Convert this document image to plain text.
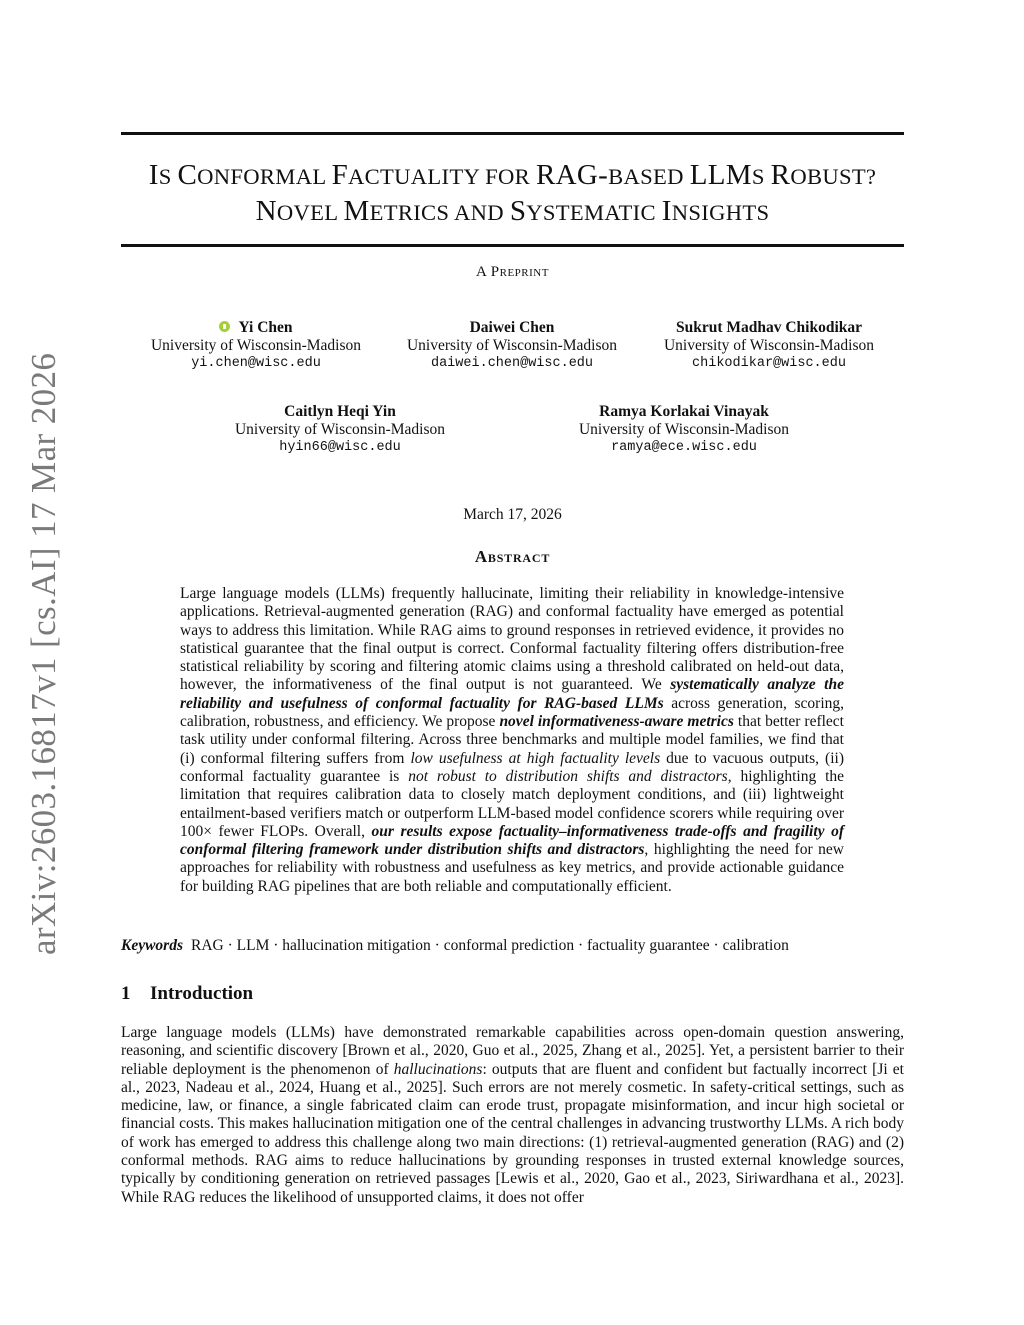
arXiv:2603.16817v1 [cs.AI] 17 Mar 2026
IS CONFORMAL FACTUALITY FOR RAG-BASED LLMS ROBUST?
NOVEL METRICS AND SYSTEMATIC INSIGHTS
A Preprint
Yi Chen
University of Wisconsin-Madison
yi.chen@wisc.edu
Daiwei Chen
University of Wisconsin-Madison
daiwei.chen@wisc.edu
Sukrut Madhav Chikodikar
University of Wisconsin-Madison
chikodikar@wisc.edu
Caitlyn Heqi Yin
University of Wisconsin-Madison
hyin66@wisc.edu
Ramya Korlakai Vinayak
University of Wisconsin-Madison
ramya@ece.wisc.edu
March 17, 2026
Abstract
Large language models (LLMs) frequently hallucinate, limiting their reliability in knowledge-intensive applications. Retrieval-augmented generation (RAG) and conformal factuality have emerged as potential ways to address this limitation. While RAG aims to ground responses in retrieved evidence, it provides no statistical guarantee that the final output is correct. Conformal factuality filtering offers distribution-free statistical reliability by scoring and filtering atomic claims using a threshold calibrated on held-out data, however, the informativeness of the final output is not guaranteed. We systematically analyze the reliability and usefulness of conformal factuality for RAG-based LLMs across generation, scoring, calibration, robustness, and efficiency. We propose novel informativeness-aware metrics that better reflect task utility under conformal filtering. Across three benchmarks and multiple model families, we find that (i) conformal filtering suffers from low usefulness at high factuality levels due to vacuous outputs, (ii) conformal factuality guarantee is not robust to distribution shifts and distractors, highlighting the limitation that requires calibration data to closely match deployment conditions, and (iii) lightweight entailment-based verifiers match or outperform LLM-based model confidence scorers while requiring over 100× fewer FLOPs. Overall, our results expose factuality–informativeness trade-offs and fragility of conformal filtering framework under distribution shifts and distractors, highlighting the need for new approaches for reliability with robustness and usefulness as key metrics, and provide actionable guidance for building RAG pipelines that are both reliable and computationally efficient.
Keywords RAG · LLM · hallucination mitigation · conformal prediction · factuality guarantee · calibration
1 Introduction
Large language models (LLMs) have demonstrated remarkable capabilities across open-domain question answering, reasoning, and scientific discovery [Brown et al., 2020, Guo et al., 2025, Zhang et al., 2025]. Yet, a persistent barrier to their reliable deployment is the phenomenon of hallucinations: outputs that are fluent and confident but factually incorrect [Ji et al., 2023, Nadeau et al., 2024, Huang et al., 2025]. Such errors are not merely cosmetic. In safety-critical settings, such as medicine, law, or finance, a single fabricated claim can erode trust, propagate misinformation, and incur high societal or financial costs. This makes hallucination mitigation one of the central challenges in advancing trustworthy LLMs. A rich body of work has emerged to address this challenge along two main directions: (1) retrieval-augmented generation (RAG) and (2) conformal methods. RAG aims to reduce hallucinations by grounding responses in trusted external knowledge sources, typically by conditioning generation on retrieved passages [Lewis et al., 2020, Gao et al., 2023, Siriwardhana et al., 2023]. While RAG reduces the likelihood of unsupported claims, it does not offer
